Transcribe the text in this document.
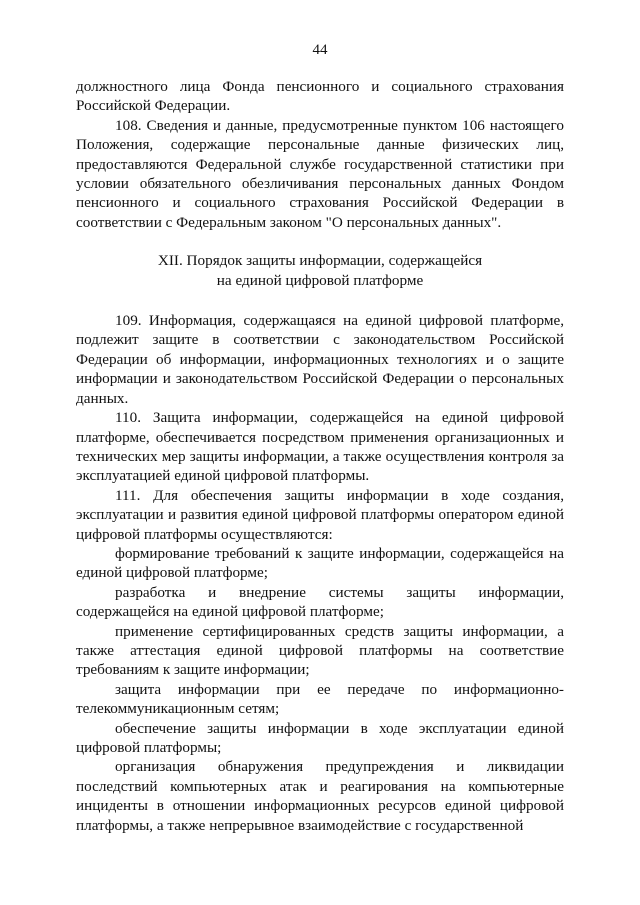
44

должностного лица Фонда пенсионного и социального страхования Российской Федерации.

108. Сведения и данные, предусмотренные пунктом 106 настоящего Положения, содержащие персональные данные физических лиц, предоставляются Федеральной службе государственной статистики при условии обязательного обезличивания персональных данных Фондом пенсионного и социального страхования Российской Федерации в соответствии с Федеральным законом "О персональных данных".

XII. Порядок защиты информации, содержащейся
на единой цифровой платформе

109. Информация, содержащаяся на единой цифровой платформе, подлежит защите в соответствии с законодательством Российской Федерации об информации, информационных технологиях и о защите информации и законодательством Российской Федерации о персональных данных.

110. Защита информации, содержащейся на единой цифровой платформе, обеспечивается посредством применения организационных и технических мер защиты информации, а также осуществления контроля за эксплуатацией единой цифровой платформы.

111. Для обеспечения защиты информации в ходе создания, эксплуатации и развития единой цифровой платформы оператором единой цифровой платформы осуществляются:

формирование требований к защите информации, содержащейся на единой цифровой платформе;

разработка и внедрение системы защиты информации, содержащейся на единой цифровой платформе;

применение сертифицированных средств защиты информации, а также аттестация единой цифровой платформы на соответствие требованиям к защите информации;

защита информации при ее передаче по информационно-телекоммуникационным сетям;

обеспечение защиты информации в ходе эксплуатации единой цифровой платформы;

организация обнаружения предупреждения и ликвидации последствий компьютерных атак и реагирования на компьютерные инциденты в отношении информационных ресурсов единой цифровой платформы, а также непрерывное взаимодействие с государственной
